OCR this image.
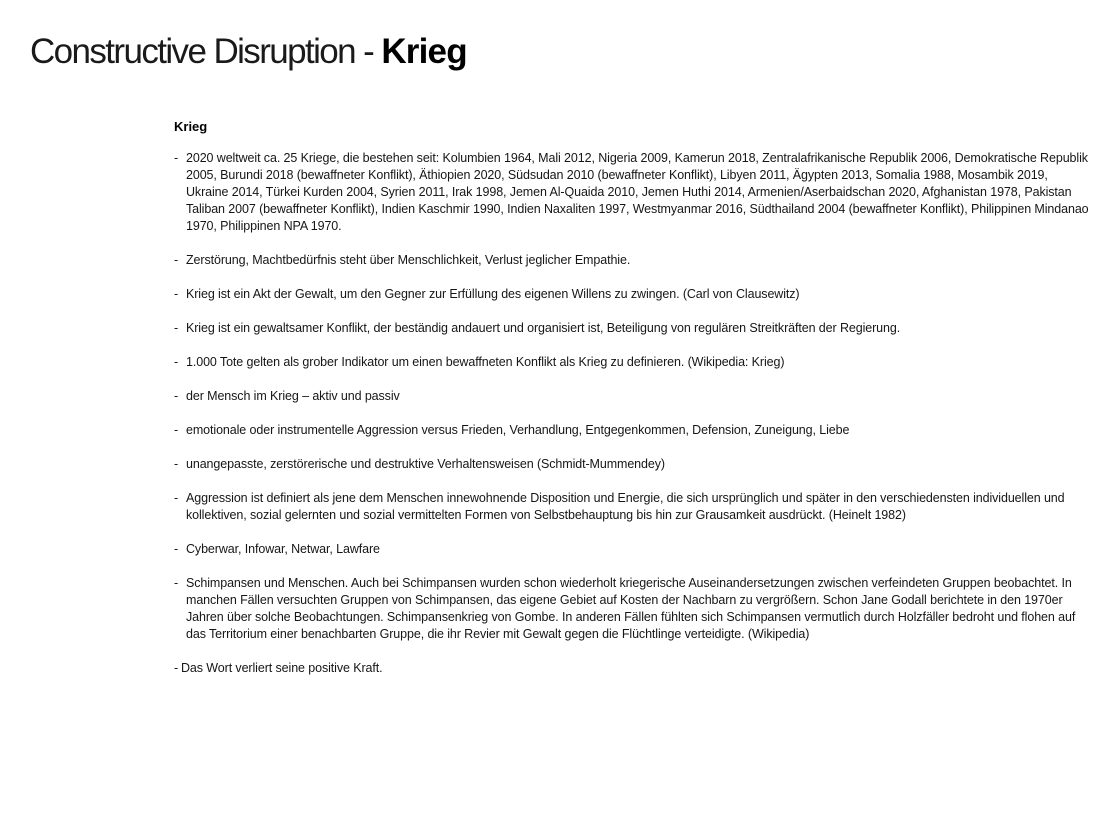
Constructive Disruption - Krieg
Krieg
- 2020 weltweit ca. 25 Kriege, die bestehen seit: Kolumbien 1964, Mali 2012, Nigeria 2009, Kamerun 2018, Zentralafrikanische Republik 2006, Demokratische Republik 2005, Burundi 2018 (bewaffneter Konflikt), Äthiopien 2020, Südsudan 2010 (bewaffneter Konflikt), Libyen 2011, Ägypten 2013, Somalia 1988, Mosambik 2019, Ukraine 2014, Türkei Kurden 2004, Syrien 2011, Irak 1998, Jemen Al-Quaida 2010, Jemen Huthi 2014, Armenien/Aserbaidschan 2020, Afghanistan 1978, Pakistan Taliban 2007 (bewaffneter Konflikt), Indien Kaschmir 1990, Indien Naxaliten 1997, Westmyanmar 2016, Südthailand 2004 (bewaffneter Konflikt), Philippinen Mindanao 1970, Philippinen NPA 1970.
- Zerstörung, Machtbedürfnis steht über Menschlichkeit, Verlust jeglicher Empathie.
- Krieg ist ein Akt der Gewalt, um den Gegner zur Erfüllung des eigenen Willens zu zwingen. (Carl von Clausewitz)
- Krieg ist ein gewaltsamer Konflikt, der beständig andauert und organisiert ist, Beteiligung von regulären Streitkräften der Regierung.
- 1.000 Tote gelten als grober Indikator um einen bewaffneten Konflikt als Krieg zu definieren. (Wikipedia: Krieg)
- der Mensch im Krieg – aktiv und passiv
- emotionale oder instrumentelle Aggression versus Frieden, Verhandlung, Entgegenkommen, Defension, Zuneigung, Liebe
- unangepasste, zerstörerische und destruktive Verhaltensweisen (Schmidt-Mummendey)
- Aggression ist definiert als jene dem Menschen innewohnende Disposition und Energie, die sich ursprünglich und später in den verschiedensten individuellen und kollektiven, sozial gelernten und sozial vermittelten Formen von Selbstbehauptung bis hin zur Grausamkeit ausdrückt. (Heinelt 1982)
- Cyberwar, Infowar, Netwar, Lawfare
- Schimpansen und Menschen. Auch bei Schimpansen wurden schon wiederholt kriegerische Auseinandersetzungen zwischen verfeindeten Gruppen beobachtet. In manchen Fällen versuchten Gruppen von Schimpansen, das eigene Gebiet auf Kosten der Nachbarn zu vergrößern. Schon Jane Godall berichtete in den 1970er Jahren über solche Beobachtungen. Schimpansenkrieg von Gombe. In anderen Fällen fühlten sich Schimpansen vermutlich durch Holzfäller bedroht und flohen auf das Territorium einer benachbarten Gruppe, die ihr Revier mit Gewalt gegen die Flüchtlinge verteidigte. (Wikipedia)
- Das Wort verliert seine positive Kraft.
